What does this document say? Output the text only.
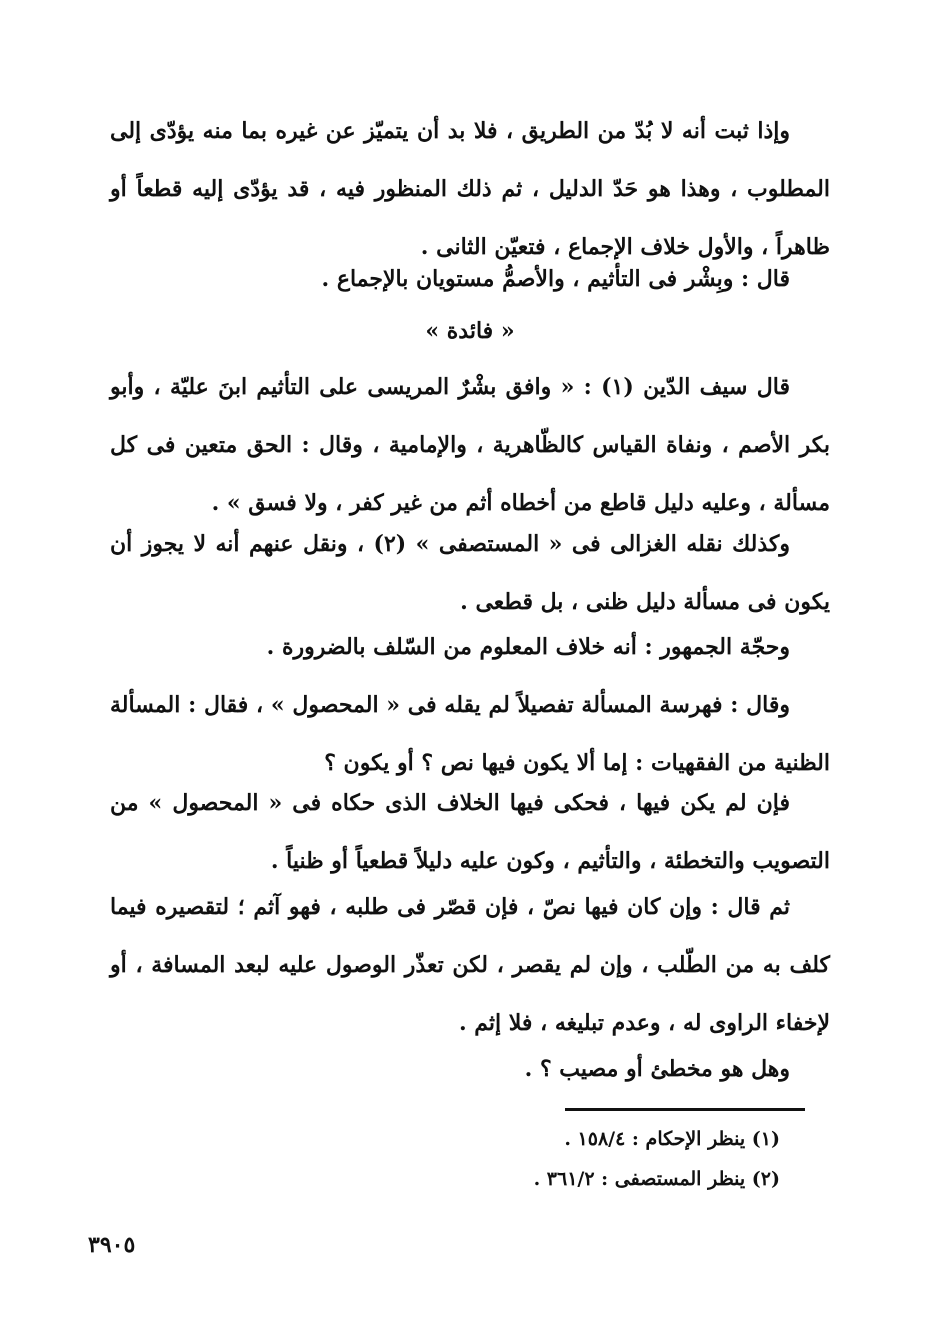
وإذا ثبت أنه لا بُدّ من الطريق ، فلا بد أن يتميّز عن غيره بما منه يؤدّى إلى المطلوب ، وهذا هو حَدّ الدليل ، ثم ذلك المنظور فيه ، قد يؤدّى إليه قطعاً أو ظاهراً ، والأول خلاف الإجماع ، فتعيّن الثانى .

قال : وبِشْر فى التأثيم ، والأصمُّ مستويان بالإجماع .

« فائدة »

قال سيف الدّين (١) : « وافق بشْرٌ المريسى على التأثيم ابنَ عليّة ، وأبو بكر الأصم ، ونفاة القياس كالظّاهرية ، والإمامية ، وقال : الحق متعين فى كل مسألة ، وعليه دليل قاطع من أخطاه أثم من غير كفر ، ولا فسق » .

وكذلك نقله الغزالى فى « المستصفى » (٢) ، ونقل عنهم أنه لا يجوز أن يكون فى مسألة دليل ظنى ، بل قطعى .

وحجّة الجمهور : أنه خلاف المعلوم من السّلف بالضرورة .

وقال : فهرسة المسألة تفصيلاً لم يقله فى « المحصول » ، فقال : المسألة الظنية من الفقهيات : إما ألا يكون فيها نص ؟ أو يكون ؟

فإن لم يكن فيها ، فحكى فيها الخلاف الذى حكاه فى « المحصول » من التصويب والتخطئة ، والتأثيم ، وكون عليه دليلاً قطعياً أو ظنياً .

ثم قال : وإن كان فيها نصّ ، فإن قصّر فى طلبه ، فهو آثم ؛ لتقصيره فيما كلف به من الطّلب ، وإن لم يقصر ، لكن تعذّر الوصول عليه لبعد المسافة ، أو لإخفاء الراوى له ، وعدم تبليغه ، فلا إثم .

وهل هو مخطئ أو مصيب ؟ .

(١) ينظر الإحكام : ١٥٨/٤ .

(٢) ينظر المستصفى : ٣٦١/٢ .

٣٩٠٥
